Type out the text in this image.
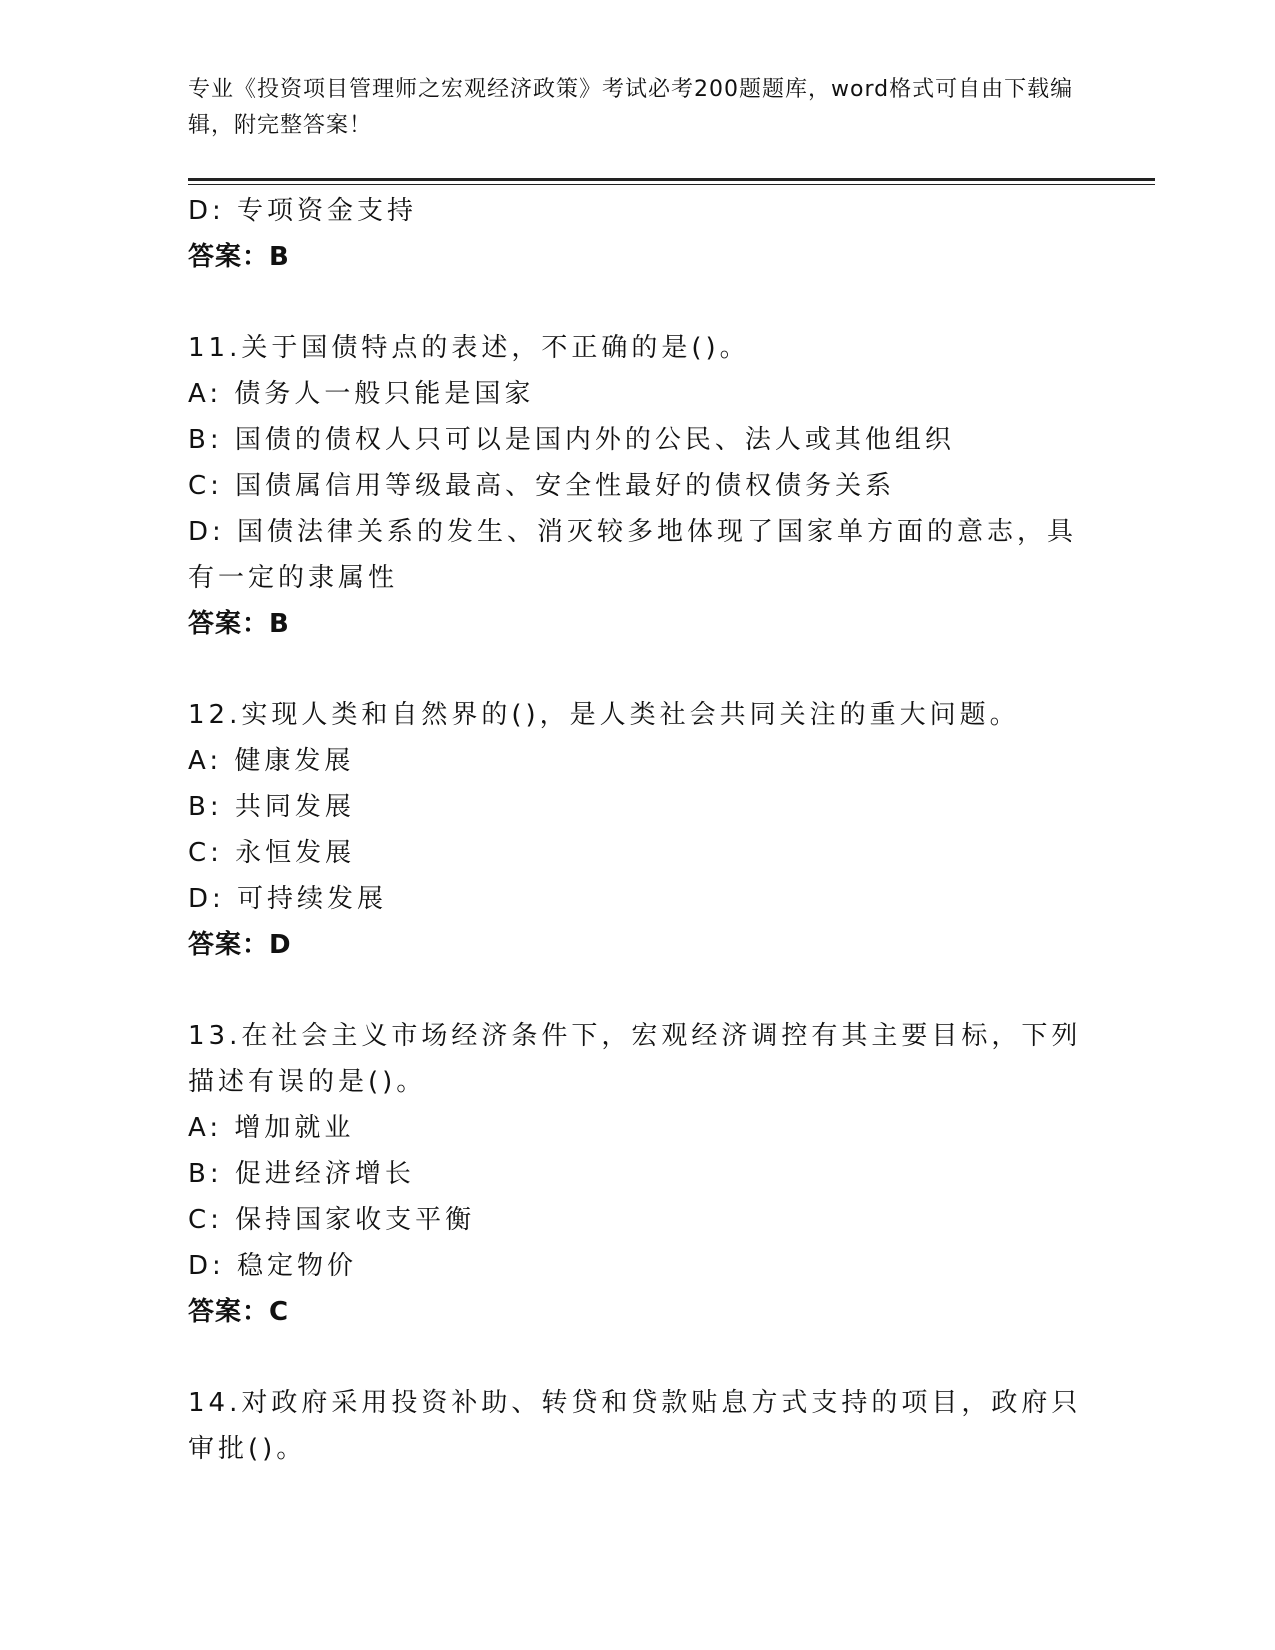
专业《投资项目管理师之宏观经济政策》考试必考200题题库，word格式可自由下载编辑，附完整答案！
D: 专项资金支持
答案：B
11.关于国债特点的表述，不正确的是()。
A: 债务人一般只能是国家
B: 国债的债权人只可以是国内外的公民、法人或其他组织
C: 国债属信用等级最高、安全性最好的债权债务关系
D: 国债法律关系的发生、消灭较多地体现了国家单方面的意志，具有一定的隶属性
答案：B
12.实现人类和自然界的()，是人类社会共同关注的重大问题。
A: 健康发展
B: 共同发展
C: 永恒发展
D: 可持续发展
答案：D
13.在社会主义市场经济条件下，宏观经济调控有其主要目标，下列描述有误的是()。
A: 增加就业
B: 促进经济增长
C: 保持国家收支平衡
D: 稳定物价
答案：C
14.对政府采用投资补助、转贷和贷款贴息方式支持的项目，政府只审批()。
